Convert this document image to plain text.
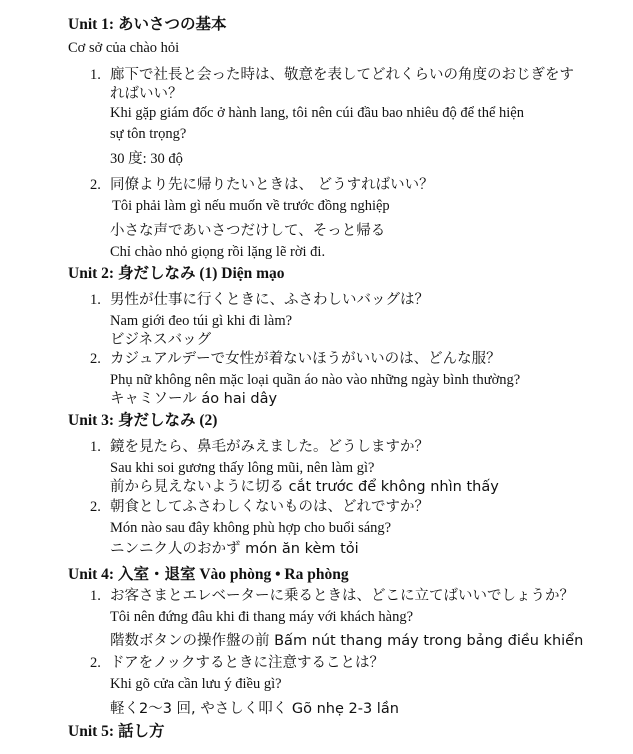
Unit 1: あいさつの基本
Cơ sở của chào hỏi
1. 廊下で社長と会った時は、敬意を表してどれくらいの角度のおじぎをす
ればいい？
Khi gặp giám đốc ở hành lang, tôi nên cúi đầu bao nhiêu độ để thể hiện
sự tôn trọng?
30 度: 30 độ
2. 同僚より先に帰りたいときは、 どうすればいい？
Tôi phải làm gì nếu muốn về trước đồng nghiệp
小さな声であいさつだけして、そっと帰る
Chỉ chào nhỏ giọng rồi lặng lẽ rời đi.
Unit 2: 身だしなみ (1) Diện mạo
1. 男性が仕事に行くときに、ふさわしいバッグは？
Nam giới đeo túi gì khi đi làm?
ビジネスバッグ
2. カジュアルデーで女性が着ないほうがいいのは、どんな服？
Phụ nữ không nên mặc loại quần áo nào vào những ngày bình thường?
キャミソール áo hai dây
Unit 3: 身だしなみ (2)
1. 鏡を見たら、鼻毛がみえました。どうしますか？
Sau khi soi gương thấy lông mũi, nên làm gì?
前から見えないように切る cắt trước để không nhìn thấy
2. 朝食としてふさわしくないものは、どれですか？
Món nào sau đây không phù hợp cho buổi sáng?
ニンニク人のおかず món ăn kèm tỏi
Unit 4: 入室・退室 Vào phòng • Ra phòng
1. お客さまとエレベーターに乗るときは、どこに立てばいいでしょうか？
Tôi nên đứng đâu khi đi thang máy với khách hàng?
階数ボタンの操作盤の前 Bấm nút thang máy trong bảng điều khiển
2. ドアをノックするときに注意することは？
Khi gõ cửa cần lưu ý điều gì?
軽く2〜3 回, やさしく叩く Gõ nhẹ 2-3 lần
Unit 5: 話し方
